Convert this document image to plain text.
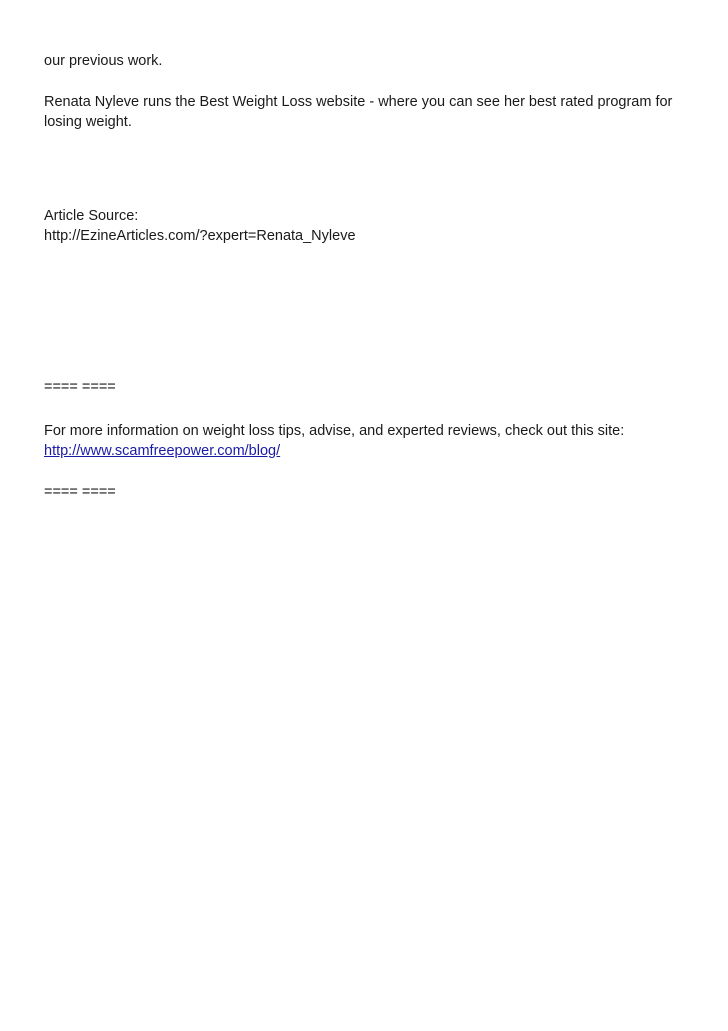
our previous work.
Renata Nyleve runs the Best Weight Loss website - where you can see her best rated program for
losing weight.
Article Source:
http://EzineArticles.com/?expert=Renata_Nyleve
==== ====
For more information on weight loss tips, advise, and experted reviews, check out this site:
http://www.scamfreepower.com/blog/
==== ====
